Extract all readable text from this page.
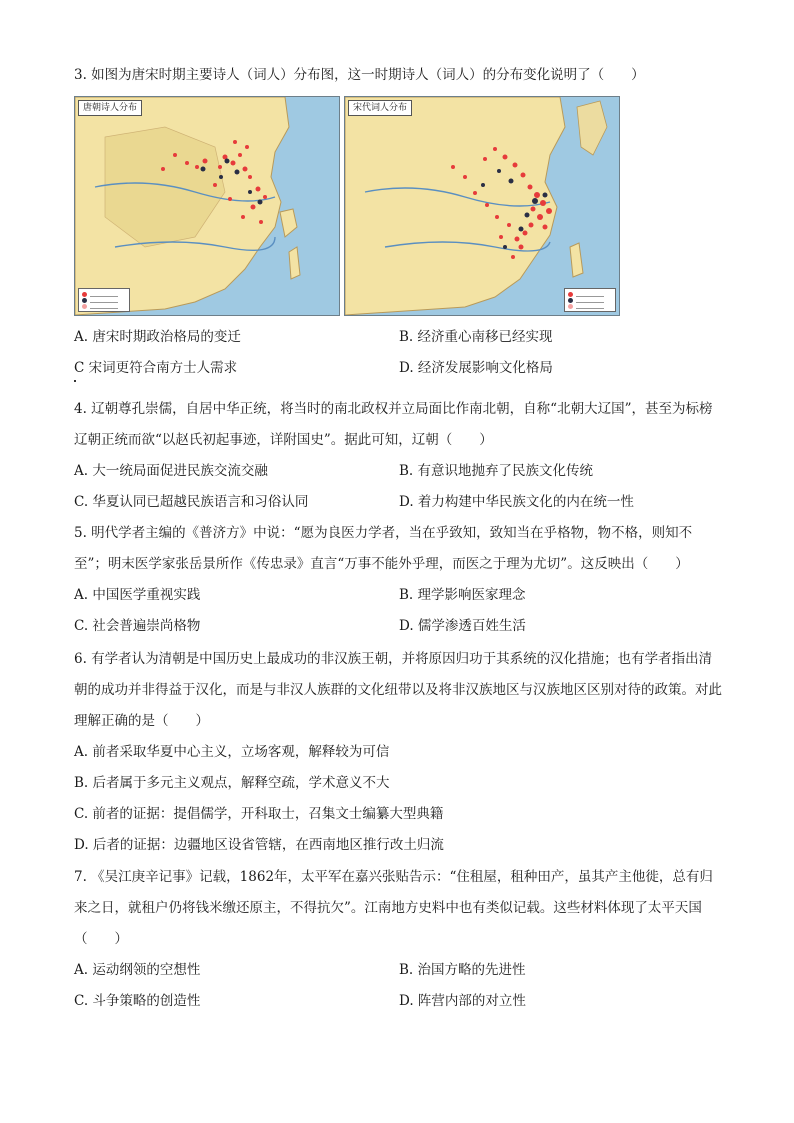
3. 如图为唐宋时期主要诗人（词人）分布图，这一时期诗人（词人）的分布变化说明了（　　）

唐朝诗人分布	宋代词人分布
A. 唐宋时期政治格局的变迁	B. 经济重心南移已经实现
C 宋词更符合南方士人需求	D. 经济发展影响文化格局

4. 辽朝尊孔崇儒，自居中华正统，将当时的南北政权并立局面比作南北朝，自称“北朝大辽国”，甚至为标榜辽朝正统而欲“以赵氏初起事迹，详附国史”。据此可知，辽朝（　　）

A. 大一统局面促进民族交流交融	B. 有意识地抛弃了民族文化传统
C. 华夏认同已超越民族语言和习俗认同	D. 着力构建中华民族文化的内在统一性

5. 明代学者主编的《普济方》中说：“愿为良医力学者，当在乎致知，致知当在乎格物，物不格，则知不至”；明末医学家张岳景所作《传忠录》直言“万事不能外乎理，而医之于理为尤切”。这反映出（　　）

A. 中国医学重视实践	B. 理学影响医家理念
C. 社会普遍崇尚格物	D. 儒学渗透百姓生活

6. 有学者认为清朝是中国历史上最成功的非汉族王朝，并将原因归功于其系统的汉化措施；也有学者指出清朝的成功并非得益于汉化，而是与非汉人族群的文化纽带以及将非汉族地区与汉族地区区别对待的政策。对此理解正确的是（　　）

A. 前者采取华夏中心主义，立场客观，解释较为可信
B. 后者属于多元主义观点，解释空疏，学术意义不大
C. 前者的证据：提倡儒学，开科取士，召集文士编纂大型典籍
D. 后者的证据：边疆地区设省管辖，在西南地区推行改土归流

7. 《吴江庚辛记事》记载，1862年，太平军在嘉兴张贴告示：“住租屋，租种田产，虽其产主他徙，总有归来之日，就租户仍将钱米缴还原主，不得抗欠”。江南地方史料中也有类似记载。这些材料体现了太平天国（　　）

A. 运动纲领的空想性	B. 治国方略的先进性
C. 斗争策略的创造性	D. 阵营内部的对立性
